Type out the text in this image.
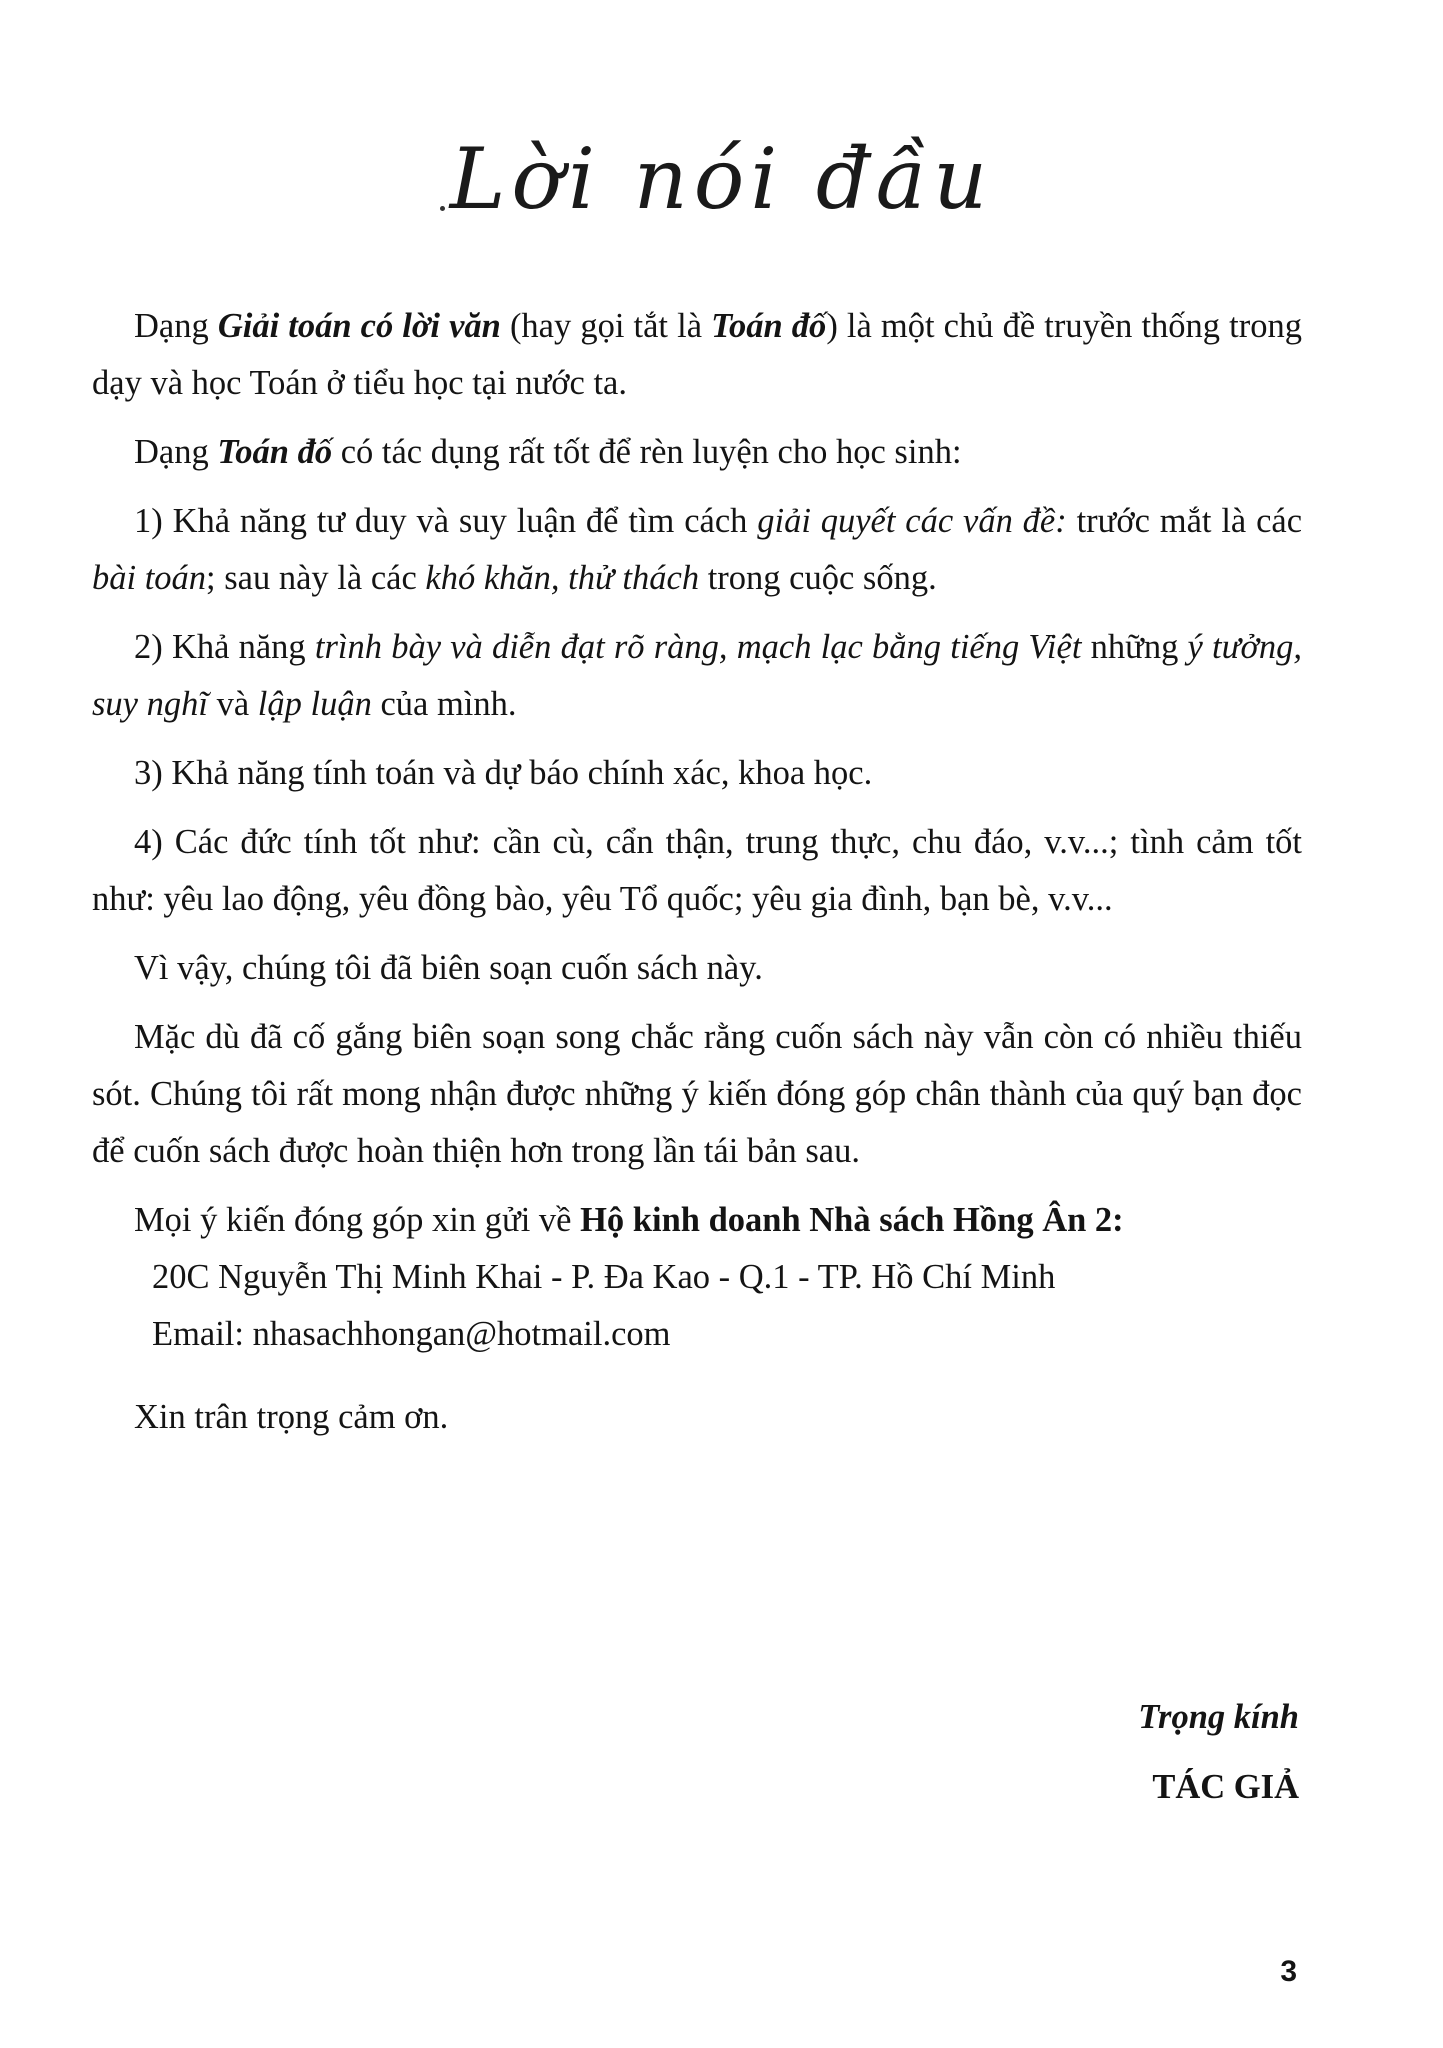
Lời nói đầu

Dạng Giải toán có lời văn (hay gọi tắt là Toán đố) là một chủ đề truyền thống trong dạy và học Toán ở tiểu học tại nước ta.

Dạng Toán đố có tác dụng rất tốt để rèn luyện cho học sinh:

1) Khả năng tư duy và suy luận để tìm cách giải quyết các vấn đề: trước mắt là các bài toán; sau này là các khó khăn, thử thách trong cuộc sống.

2) Khả năng trình bày và diễn đạt rõ ràng, mạch lạc bằng tiếng Việt những ý tưởng, suy nghĩ và lập luận của mình.

3) Khả năng tính toán và dự báo chính xác, khoa học.

4) Các đức tính tốt như: cần cù, cẩn thận, trung thực, chu đáo, v.v...; tình cảm tốt như: yêu lao động, yêu đồng bào, yêu Tổ quốc; yêu gia đình, bạn bè, v.v...

Vì vậy, chúng tôi đã biên soạn cuốn sách này.

Mặc dù đã cố gắng biên soạn song chắc rằng cuốn sách này vẫn còn có nhiều thiếu sót. Chúng tôi rất mong nhận được những ý kiến đóng góp chân thành của quý bạn đọc để cuốn sách được hoàn thiện hơn trong lần tái bản sau.

Mọi ý kiến đóng góp xin gửi về Hộ kinh doanh Nhà sách Hồng Ân 2:
20C Nguyễn Thị Minh Khai - P. Đa Kao - Q.1 - TP. Hồ Chí Minh
Email: nhasachhongan@hotmail.com

Xin trân trọng cảm ơn.

Trọng kính
TÁC GIẢ
3
